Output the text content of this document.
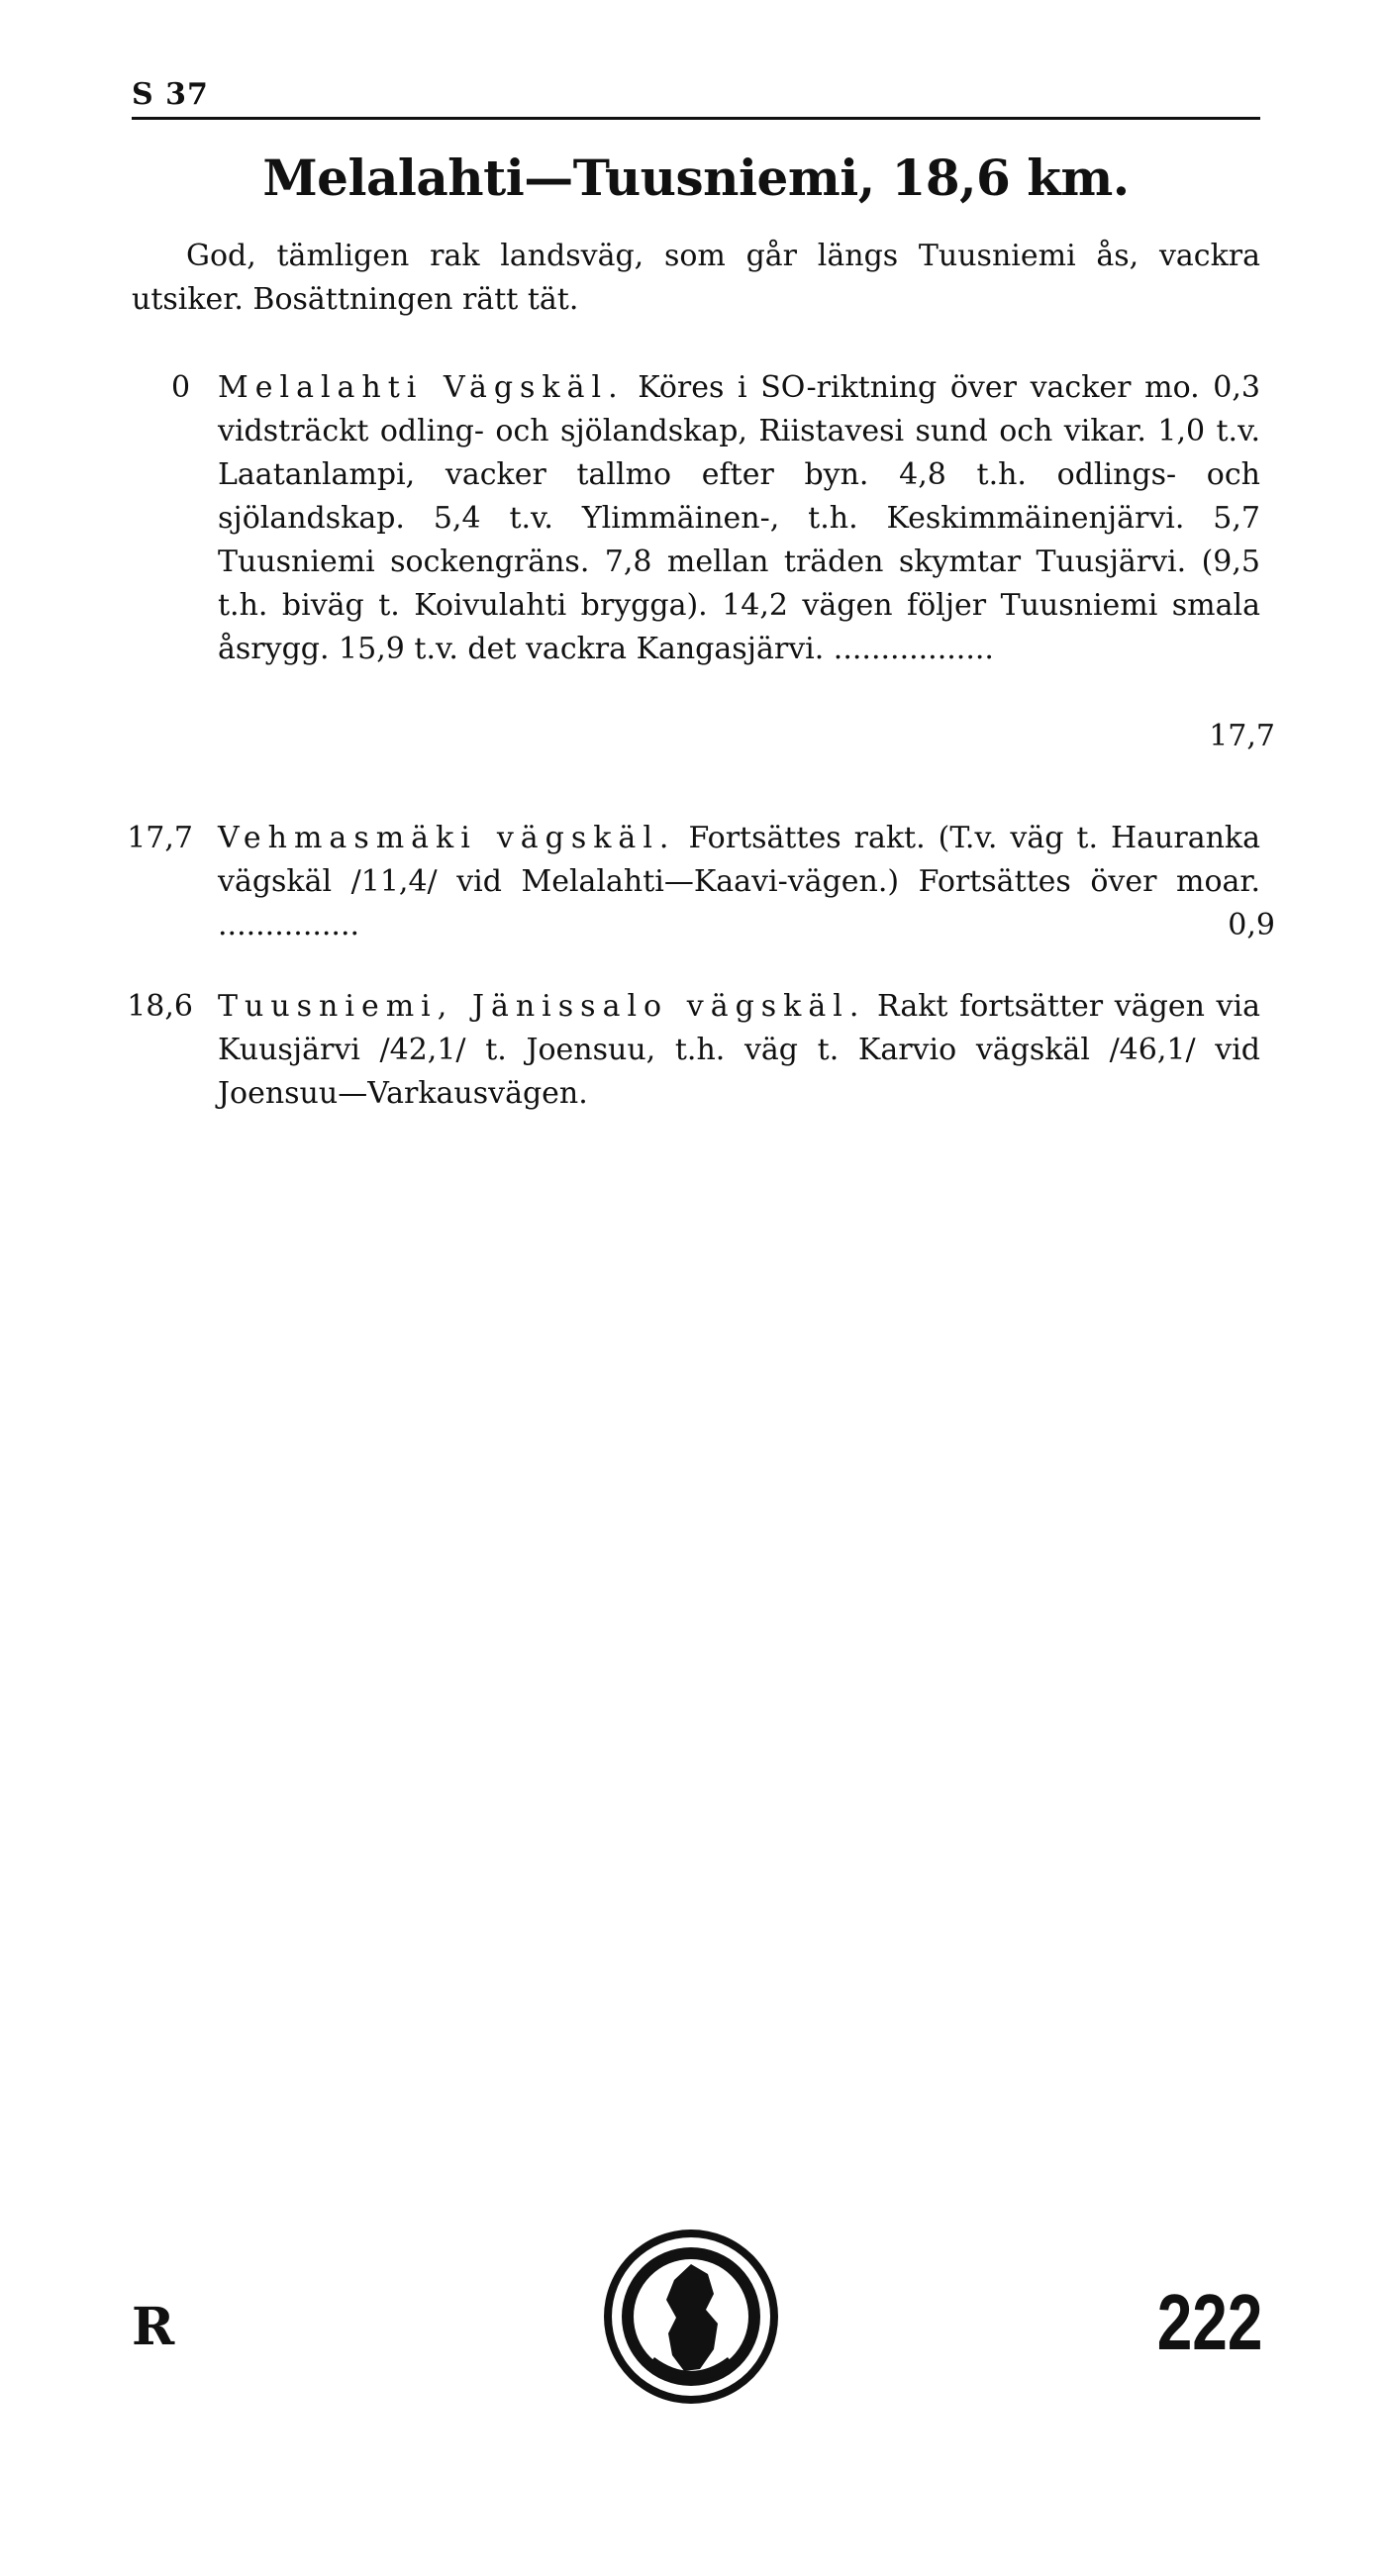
S 37
Melalahti—Tuusniemi, 18,6 km.
God, tämligen rak landsväg, som går längs Tuusniemi ås, vackra utsiker. Bosättningen rätt tät.
0 Melalahti Vägskäl. Köres i SO-riktning över vacker mo. 0,3 vidsträckt odling- och sjölandskap, Riistavesi sund och vikar. 1,0 t.v. Laatanlampi, vacker tallmo efter byn. 4,8 t.h. odlings- och sjölandskap. 5,4 t.v. Ylimmäinen-, t.h. Keskimmäinenjärvi. 5,7 Tuusniemi sockengräns. 7,8 mellan träden skymtar Tuusjärvi. (9,5 t.h. biväg t. Koivulahti brygga). 14,2 vägen följer Tuusniemi smala åsrygg. 15,9 t.v. det vackra Kangasjärvi. .................
17,7
17,7 Vehmasmäki vägskäl. Fortsättes rakt. (T.v. väg t. Hauranka vägskäl /11,4/ vid Melalahti—Kaavi-vägen.) Fortsättes över moar. ...............	0,9
18,6 Tuusniemi, Jänissalo vägskäl. Rakt fortsätter vägen via Kuusjärvi /42,1/ t. Joensuu, t.h. väg t. Karvio vägskäl /46,1/ vid Joensuu—Varkausvägen.
R	222
